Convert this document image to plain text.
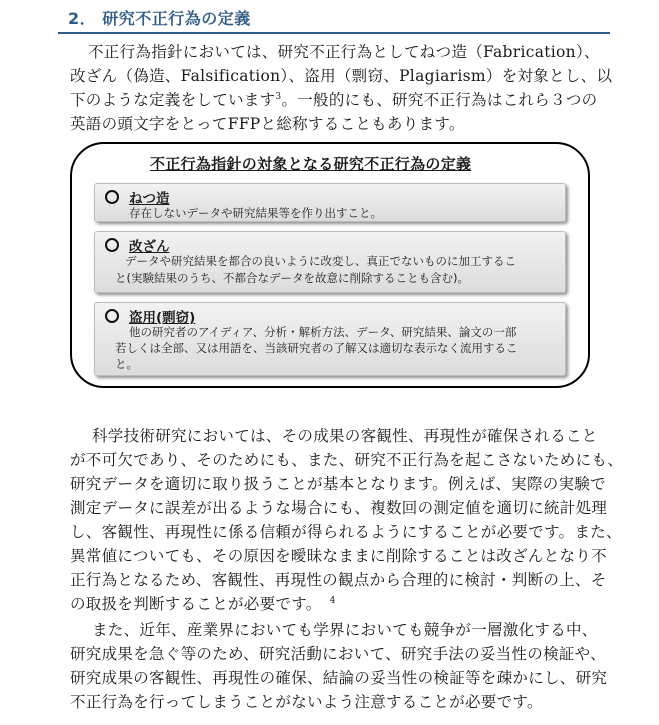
2． 研究不正行為の定義
不正行為指針においては、研究不正行為としてねつ造（Fabrication）、
改ざん（偽造、Falsification）、盗用（剽窃、Plagiarism）を対象とし、以
下のような定義をしています$^3$。一般的にも、研究不正行為はこれら３つの
英語の頭文字をとってFFPと総称することもあります。
不正行為指針の対象となる研究不正行為の定義
ねつ造
存在しないデータや研究結果等を作り出すこと。
改ざん
データや研究結果を都合の良いように改変し、真正でないものに加工するこ
と(実験結果のうち、不都合なデータを故意に削除することも含む)。
盗用(剽窃)
他の研究者のアイディア、分析・解析方法、データ、研究結果、論文の一部
若しくは全部、又は用語を、当該研究者の了解又は適切な表示なく流用するこ
と。
科学技術研究においては、その成果の客観性、再現性が確保されること
が不可欠であり、そのためにも、また、研究不正行為を起こさないためにも、
研究データを適切に取り扱うことが基本となります。例えば、実際の実験で
測定データに誤差が出るような場合にも、複数回の測定値を適切に統計処理
し、客観性、再現性に係る信頼が得られるようにすることが必要です。また、
異常値についても、その原因を曖昧なままに削除することは改ざんとなり不
正行為となるため、客観性、再現性の観点から合理的に検討・判断の上、そ
の取扱を判断することが必要です。 $^4$
また、近年、産業界においても学界においても競争が一層激化する中、
研究成果を急ぐ等のため、研究活動において、研究手法の妥当性の検証や、
研究成果の客観性、再現性の確保、結論の妥当性の検証等を疎かにし、研究
不正行為を行ってしまうことがないよう注意することが必要です。
